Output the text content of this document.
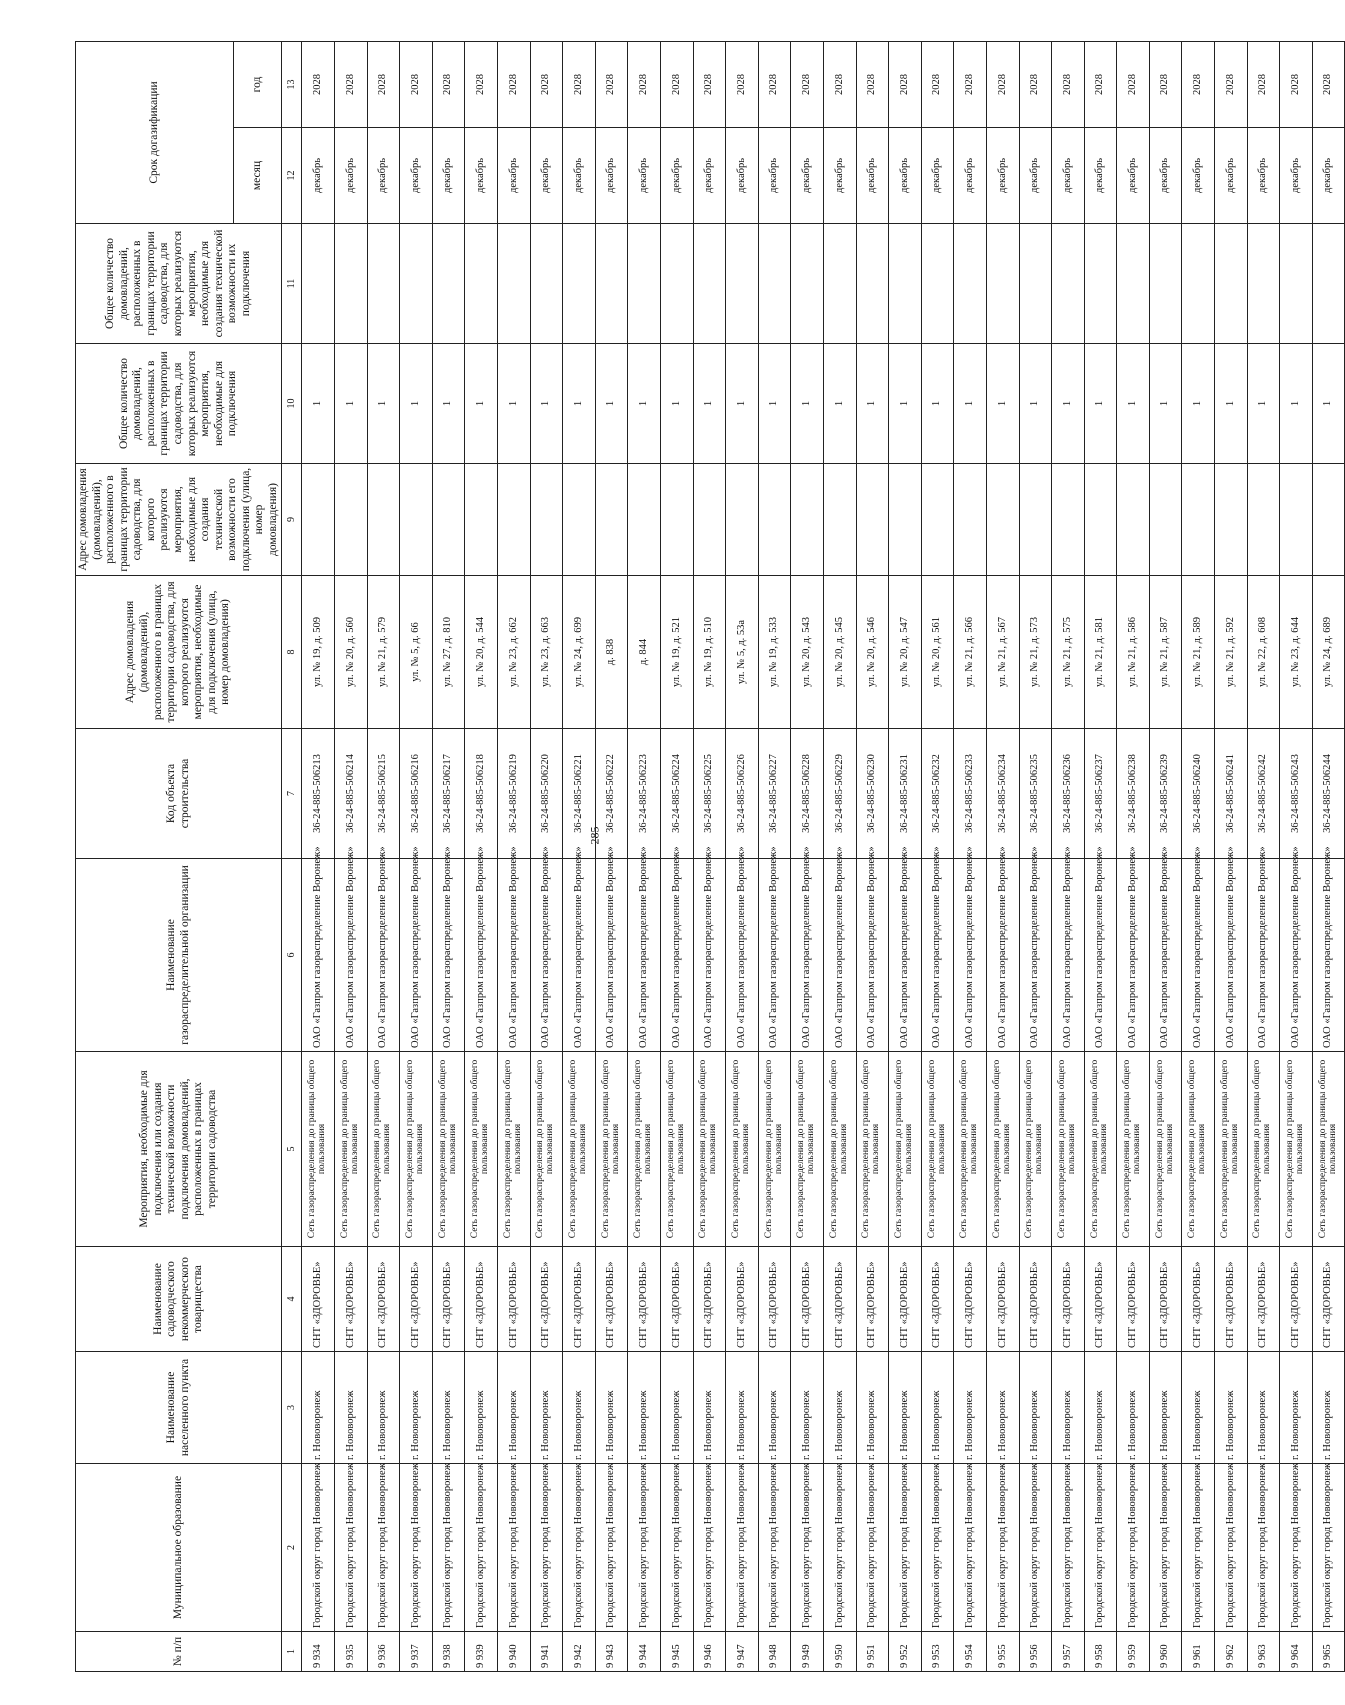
285
№ п/п	Муниципальное образование	Наименование населенного пункта	Наименование садоводческого некоммерческого товарищества	Мероприятия, необходимые для подключения или создания технической возможности подключения домовладений, расположенных в границах территории садоводства	Наименование газораспределительной организации	Код объекта строительства	Адрес домовладения (домовладений), расположенного в границах территории садоводства, для которого реализуются мероприятия, необходимые для подключения (улица, номер домовладения)	Адрес домовладения (домовладений), расположенного в границах территории садоводства, для которого реализуются мероприятия, необходимые для создания технической возможности его подключения (улица, номер домовладения)	Общее количество домовладений, расположенных в границах территории садоводства, для которых реализуются мероприятия, необходимые для подключения	Общее количество домовладений, расположенных в границах территории садоводства, для которых реализуются мероприятия, необходимые для создания технической возможности их подключения	Срок догазификации	
											месяц	год
1	2	3	4	5	6	7	8	9	10	11	12	13
9 934	Городской округ город Нововоронеж	г. Нововоронеж	СНТ «ЗДОРОВЬЕ»	Сеть газораспределения до границы общего пользования	ОАО «Газпром газораспределение Воронеж»	36-24-885-506213	ул. № 19, д. 509		1		декабрь	2028
9 935	Городской округ город Нововоронеж	г. Нововоронеж	СНТ «ЗДОРОВЬЕ»	Сеть газораспределения до границы общего пользования	ОАО «Газпром газораспределение Воронеж»	36-24-885-506214	ул. № 20, д. 560		1		декабрь	2028
9 936	Городской округ город Нововоронеж	г. Нововоронеж	СНТ «ЗДОРОВЬЕ»	Сеть газораспределения до границы общего пользования	ОАО «Газпром газораспределение Воронеж»	36-24-885-506215	ул. № 21, д. 579		1		декабрь	2028
9 937	Городской округ город Нововоронеж	г. Нововоронеж	СНТ «ЗДОРОВЬЕ»	Сеть газораспределения до границы общего пользования	ОАО «Газпром газораспределение Воронеж»	36-24-885-506216	ул. № 5, д. 66		1		декабрь	2028
9 938	Городской округ город Нововоронеж	г. Нововоронеж	СНТ «ЗДОРОВЬЕ»	Сеть газораспределения до границы общего пользования	ОАО «Газпром газораспределение Воронеж»	36-24-885-506217	ул. № 27, д. 810		1		декабрь	2028
9 939	Городской округ город Нововоронеж	г. Нововоронеж	СНТ «ЗДОРОВЬЕ»	Сеть газораспределения до границы общего пользования	ОАО «Газпром газораспределение Воронеж»	36-24-885-506218	ул. № 20, д. 544		1		декабрь	2028
9 940	Городской округ город Нововоронеж	г. Нововоронеж	СНТ «ЗДОРОВЬЕ»	Сеть газораспределения до границы общего пользования	ОАО «Газпром газораспределение Воронеж»	36-24-885-506219	ул. № 23, д. 662		1		декабрь	2028
9 941	Городской округ город Нововоронеж	г. Нововоронеж	СНТ «ЗДОРОВЬЕ»	Сеть газораспределения до границы общего пользования	ОАО «Газпром газораспределение Воронеж»	36-24-885-506220	ул. № 23, д. 663		1		декабрь	2028
9 942	Городской округ город Нововоронеж	г. Нововоронеж	СНТ «ЗДОРОВЬЕ»	Сеть газораспределения до границы общего пользования	ОАО «Газпром газораспределение Воронеж»	36-24-885-506221	ул. № 24, д. 699		1		декабрь	2028
9 943	Городской округ город Нововоронеж	г. Нововоронеж	СНТ «ЗДОРОВЬЕ»	Сеть газораспределения до границы общего пользования	ОАО «Газпром газораспределение Воронеж»	36-24-885-506222	д. 838		1		декабрь	2028
9 944	Городской округ город Нововоронеж	г. Нововоронеж	СНТ «ЗДОРОВЬЕ»	Сеть газораспределения до границы общего пользования	ОАО «Газпром газораспределение Воронеж»	36-24-885-506223	д. 844		1		декабрь	2028
9 945	Городской округ город Нововоронеж	г. Нововоронеж	СНТ «ЗДОРОВЬЕ»	Сеть газораспределения до границы общего пользования	ОАО «Газпром газораспределение Воронеж»	36-24-885-506224	ул. № 19, д. 521		1		декабрь	2028
9 946	Городской округ город Нововоронеж	г. Нововоронеж	СНТ «ЗДОРОВЬЕ»	Сеть газораспределения до границы общего пользования	ОАО «Газпром газораспределение Воронеж»	36-24-885-506225	ул. № 19, д. 510		1		декабрь	2028
9 947	Городской округ город Нововоронеж	г. Нововоронеж	СНТ «ЗДОРОВЬЕ»	Сеть газораспределения до границы общего пользования	ОАО «Газпром газораспределение Воронеж»	36-24-885-506226	ул. № 5, д. 53а		1		декабрь	2028
9 948	Городской округ город Нововоронеж	г. Нововоронеж	СНТ «ЗДОРОВЬЕ»	Сеть газораспределения до границы общего пользования	ОАО «Газпром газораспределение Воронеж»	36-24-885-506227	ул. № 19, д. 533		1		декабрь	2028
9 949	Городской округ город Нововоронеж	г. Нововоронеж	СНТ «ЗДОРОВЬЕ»	Сеть газораспределения до границы общего пользования	ОАО «Газпром газораспределение Воронеж»	36-24-885-506228	ул. № 20, д. 543		1		декабрь	2028
9 950	Городской округ город Нововоронеж	г. Нововоронеж	СНТ «ЗДОРОВЬЕ»	Сеть газораспределения до границы общего пользования	ОАО «Газпром газораспределение Воронеж»	36-24-885-506229	ул. № 20, д. 545		1		декабрь	2028
9 951	Городской округ город Нововоронеж	г. Нововоронеж	СНТ «ЗДОРОВЬЕ»	Сеть газораспределения до границы общего пользования	ОАО «Газпром газораспределение Воронеж»	36-24-885-506230	ул. № 20, д. 546		1		декабрь	2028
9 952	Городской округ город Нововоронеж	г. Нововоронеж	СНТ «ЗДОРОВЬЕ»	Сеть газораспределения до границы общего пользования	ОАО «Газпром газораспределение Воронеж»	36-24-885-506231	ул. № 20, д. 547		1		декабрь	2028
9 953	Городской округ город Нововоронеж	г. Нововоронеж	СНТ «ЗДОРОВЬЕ»	Сеть газораспределения до границы общего пользования	ОАО «Газпром газораспределение Воронеж»	36-24-885-506232	ул. № 20, д. 561		1		декабрь	2028
9 954	Городской округ город Нововоронеж	г. Нововоронеж	СНТ «ЗДОРОВЬЕ»	Сеть газораспределения до границы общего пользования	ОАО «Газпром газораспределение Воронеж»	36-24-885-506233	ул. № 21, д. 566		1		декабрь	2028
9 955	Городской округ город Нововоронеж	г. Нововоронеж	СНТ «ЗДОРОВЬЕ»	Сеть газораспределения до границы общего пользования	ОАО «Газпром газораспределение Воронеж»	36-24-885-506234	ул. № 21, д. 567		1		декабрь	2028
9 956	Городской округ город Нововоронеж	г. Нововоронеж	СНТ «ЗДОРОВЬЕ»	Сеть газораспределения до границы общего пользования	ОАО «Газпром газораспределение Воронеж»	36-24-885-506235	ул. № 21, д. 573		1		декабрь	2028
9 957	Городской округ город Нововоронеж	г. Нововоронеж	СНТ «ЗДОРОВЬЕ»	Сеть газораспределения до границы общего пользования	ОАО «Газпром газораспределение Воронеж»	36-24-885-506236	ул. № 21, д. 575		1		декабрь	2028
9 958	Городской округ город Нововоронеж	г. Нововоронеж	СНТ «ЗДОРОВЬЕ»	Сеть газораспределения до границы общего пользования	ОАО «Газпром газораспределение Воронеж»	36-24-885-506237	ул. № 21, д. 581		1		декабрь	2028
9 959	Городской округ город Нововоронеж	г. Нововоронеж	СНТ «ЗДОРОВЬЕ»	Сеть газораспределения до границы общего пользования	ОАО «Газпром газораспределение Воронеж»	36-24-885-506238	ул. № 21, д. 586		1		декабрь	2028
9 960	Городской округ город Нововоронеж	г. Нововоронеж	СНТ «ЗДОРОВЬЕ»	Сеть газораспределения до границы общего пользования	ОАО «Газпром газораспределение Воронеж»	36-24-885-506239	ул. № 21, д. 587		1		декабрь	2028
9 961	Городской округ город Нововоронеж	г. Нововоронеж	СНТ «ЗДОРОВЬЕ»	Сеть газораспределения до границы общего пользования	ОАО «Газпром газораспределение Воронеж»	36-24-885-506240	ул. № 21, д. 589		1		декабрь	2028
9 962	Городской округ город Нововоронеж	г. Нововоронеж	СНТ «ЗДОРОВЬЕ»	Сеть газораспределения до границы общего пользования	ОАО «Газпром газораспределение Воронеж»	36-24-885-506241	ул. № 21, д. 592		1		декабрь	2028
9 963	Городской округ город Нововоронеж	г. Нововоронеж	СНТ «ЗДОРОВЬЕ»	Сеть газораспределения до границы общего пользования	ОАО «Газпром газораспределение Воронеж»	36-24-885-506242	ул. № 22, д. 608		1		декабрь	2028
9 964	Городской округ город Нововоронеж	г. Нововоронеж	СНТ «ЗДОРОВЬЕ»	Сеть газораспределения до границы общего пользования	ОАО «Газпром газораспределение Воронеж»	36-24-885-506243	ул. № 23, д. 644		1		декабрь	2028
9 965	Городской округ город Нововоронеж	г. Нововоронеж	СНТ «ЗДОРОВЬЕ»	Сеть газораспределения до границы общего пользования	ОАО «Газпром газораспределение Воронеж»	36-24-885-506244	ул. № 24, д. 689		1		декабрь	2028
